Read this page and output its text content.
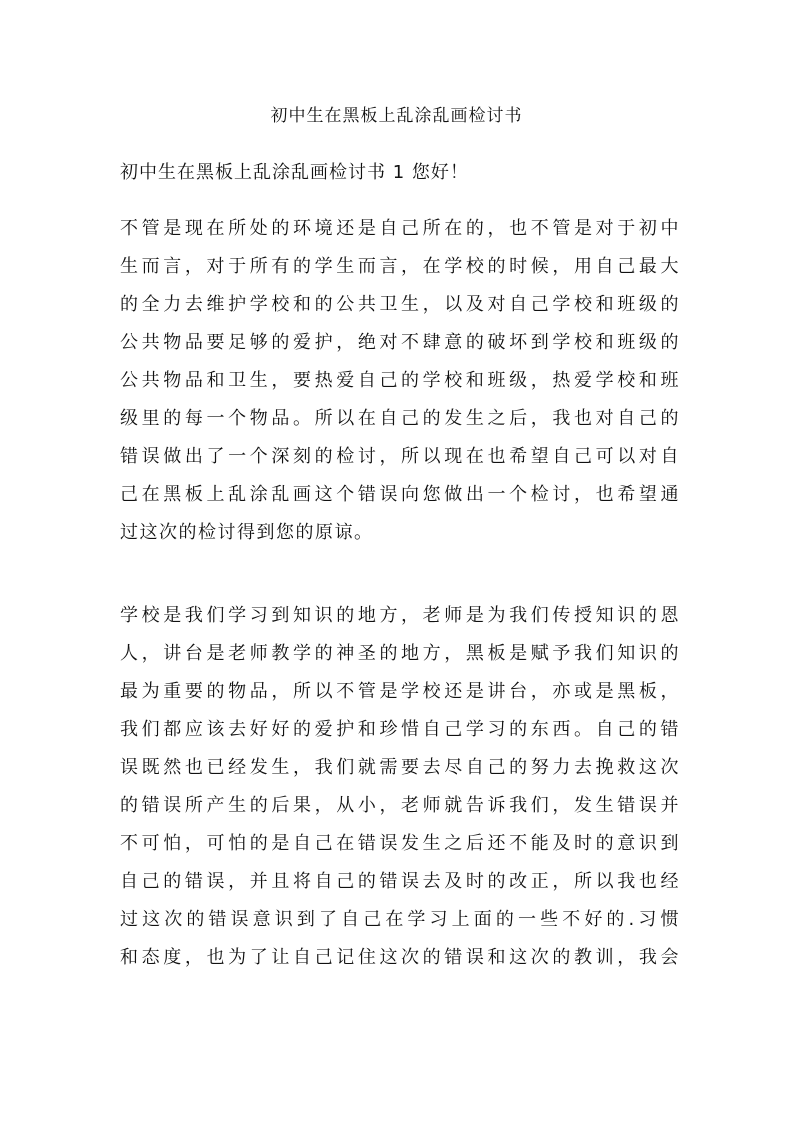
初中生在黑板上乱涂乱画检讨书
初中生在黑板上乱涂乱画检讨书 1 您好！
不管是现在所处的环境还是自己所在的，也不管是对于初中
生而言，对于所有的学生而言，在学校的时候，用自己最大
的全力去维护学校和的公共卫生，以及对自己学校和班级的
公共物品要足够的爱护，绝对不肆意的破坏到学校和班级的
公共物品和卫生，要热爱自己的学校和班级，热爱学校和班
级里的每一个物品。所以在自己的发生之后，我也对自己的
错误做出了一个深刻的检讨，所以现在也希望自己可以对自
己在黑板上乱涂乱画这个错误向您做出一个检讨，也希望通
过这次的检讨得到您的原谅。
学校是我们学习到知识的地方，老师是为我们传授知识的恩
人，讲台是老师教学的神圣的地方，黑板是赋予我们知识的
最为重要的物品，所以不管是学校还是讲台，亦或是黑板，
我们都应该去好好的爱护和珍惜自己学习的东西。自己的错
误既然也已经发生，我们就需要去尽自己的努力去挽救这次
的错误所产生的后果，从小，老师就告诉我们，发生错误并
不可怕，可怕的是自己在错误发生之后还不能及时的意识到
自己的错误，并且将自己的错误去及时的改正，所以我也经
过这次的错误意识到了自己在学习上面的一些不好的.习惯
和态度，也为了让自己记住这次的错误和这次的教训，我会
